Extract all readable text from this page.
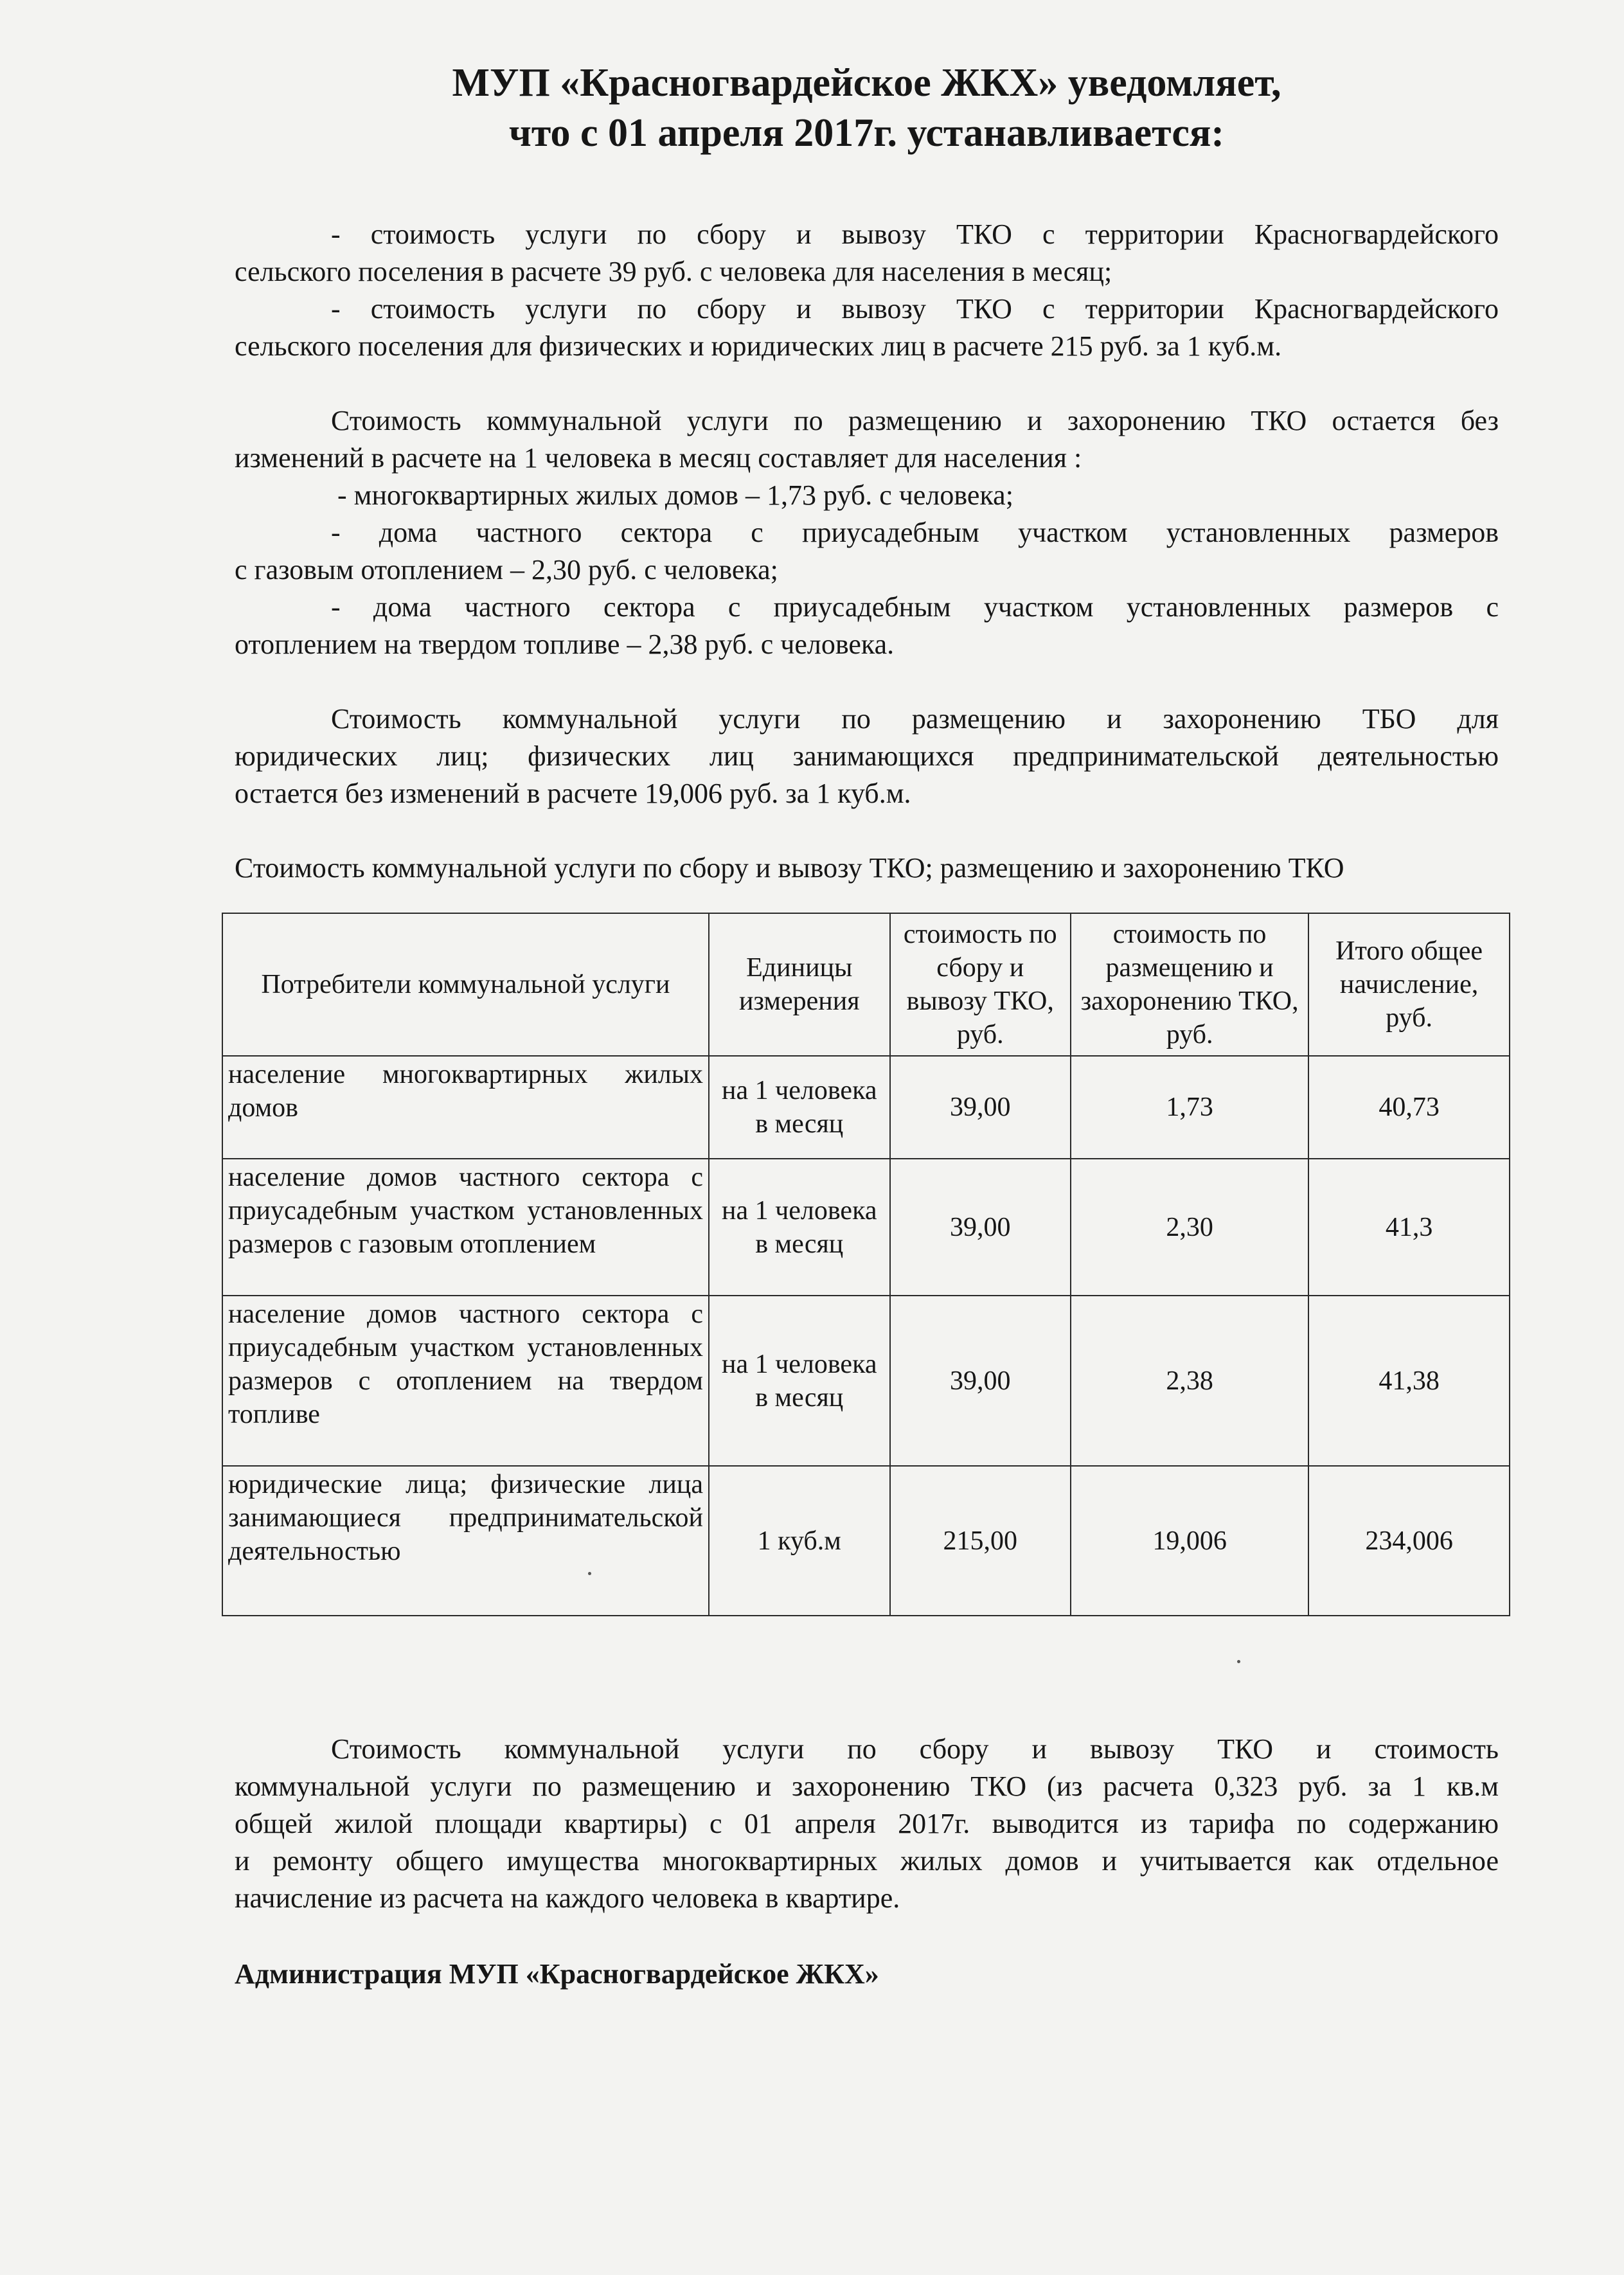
МУП «Красногвардейское ЖКХ» уведомляет,
что с 01 апреля 2017г. устанавливается:
- стоимость услуги по сбору и вывозу ТКО с территории Красногвардейского
сельского поселения в расчете 39 руб. с человека для населения в месяц;
- стоимость услуги по сбору и вывозу ТКО с территории Красногвардейского
сельского поселения для физических и юридических лиц в расчете 215 руб. за 1 куб.м.
Стоимость коммунальной услуги по размещению и захоронению ТКО остается без
изменений в расчете на 1 человека в месяц составляет для населения :
- многоквартирных жилых домов – 1,73 руб. с человека;
- дома частного сектора с приусадебным участком установленных размеров
с газовым отоплением – 2,30 руб. с человека;
- дома частного сектора с приусадебным участком установленных размеров с
отоплением на твердом топливе – 2,38 руб. с человека.
Стоимость коммунальной услуги по размещению и захоронению ТБО для
юридических лиц; физических лиц занимающихся предпринимательской деятельностью
остается без изменений в расчете 19,006 руб. за 1 куб.м.
Стоимость коммунальной услуги по сбору и вывозу ТКО; размещению и захоронению ТКО
Потребители коммунальной услуги	Единицы измерения	стоимость по сбору и вывозу ТКО, руб.	стоимость по размещению и захоронению ТКО, руб.	Итого общее начисление, руб.
население многоквартирных жилых домов	на 1 человека в месяц	39,00	1,73	40,73
население домов частного сектора с приусадебным участком установленных размеров с газовым отоплением	на 1 человека в месяц	39,00	2,30	41,3
население домов частного сектора с приусадебным участком установленных размеров с отоплением на твердом топливе	на 1 человека в месяц	39,00	2,38	41,38
юридические лица; физические лица занимающиеся предпринимательской деятельностью	1 куб.м	215,00	19,006	234,006
Стоимость коммунальной услуги по сбору и вывозу ТКО и стоимость
коммунальной услуги по размещению и захоронению ТКО (из расчета 0,323 руб. за 1 кв.м
общей жилой площади квартиры) с 01 апреля 2017г. выводится из тарифа по содержанию
и ремонту общего имущества многоквартирных жилых домов и учитывается как отдельное
начисление из расчета на каждого человека в квартире.
Администрация МУП «Красногвардейское ЖКХ»
